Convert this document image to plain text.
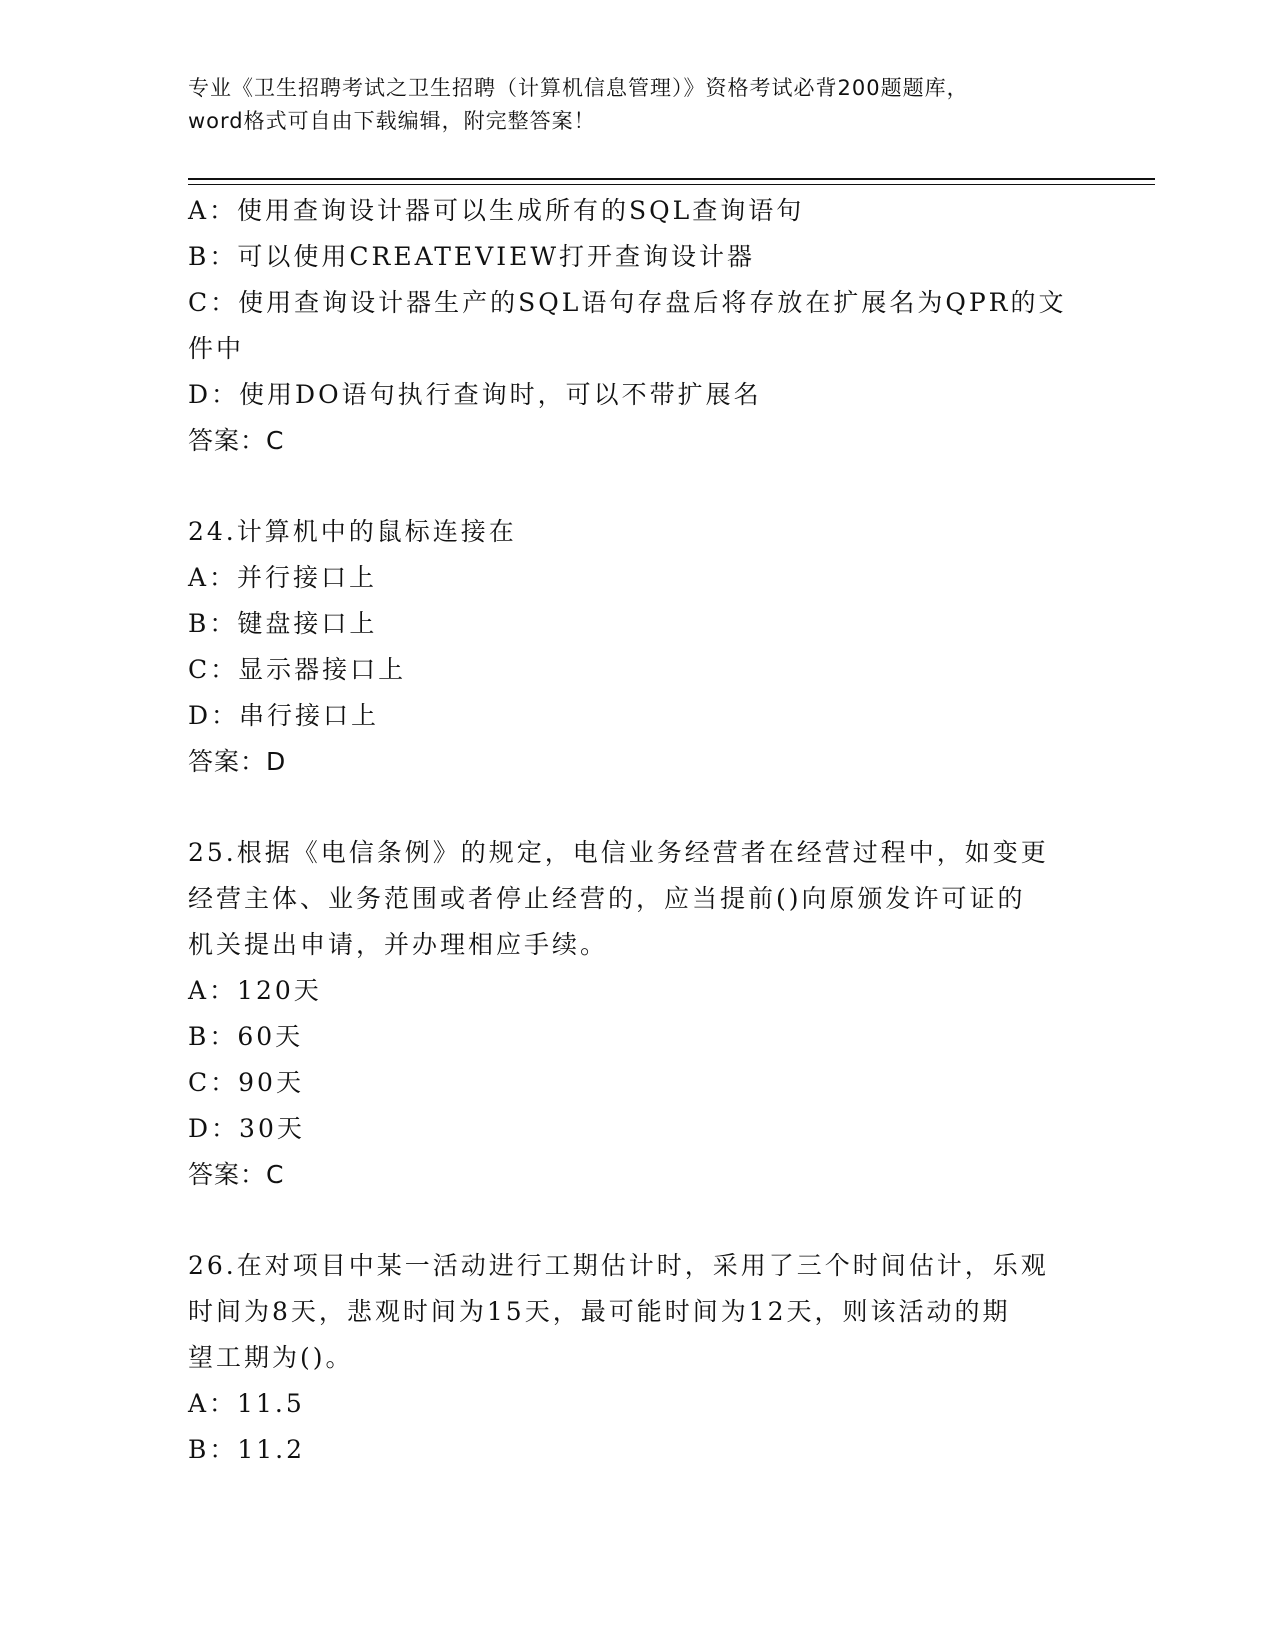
专业《卫生招聘考试之卫生招聘（计算机信息管理）》资格考试必背200题题库，
word格式可自由下载编辑，附完整答案！
A：使用查询设计器可以生成所有的SQL查询语句
B：可以使用CREATEVIEW打开查询设计器
C：使用查询设计器生产的SQL语句存盘后将存放在扩展名为QPR的文
件中
D：使用DO语句执行查询时，可以不带扩展名
答案：C
24.计算机中的鼠标连接在
A：并行接口上
B：键盘接口上
C：显示器接口上
D：串行接口上
答案：D
25.根据《电信条例》的规定，电信业务经营者在经营过程中，如变更
经营主体、业务范围或者停止经营的，应当提前()向原颁发许可证的
机关提出申请，并办理相应手续。
A：120天
B：60天
C：90天
D：30天
答案：C
26.在对项目中某一活动进行工期估计时，采用了三个时间估计，乐观
时间为8天，悲观时间为15天，最可能时间为12天，则该活动的期
望工期为()。
A：11.5
B：11.2
